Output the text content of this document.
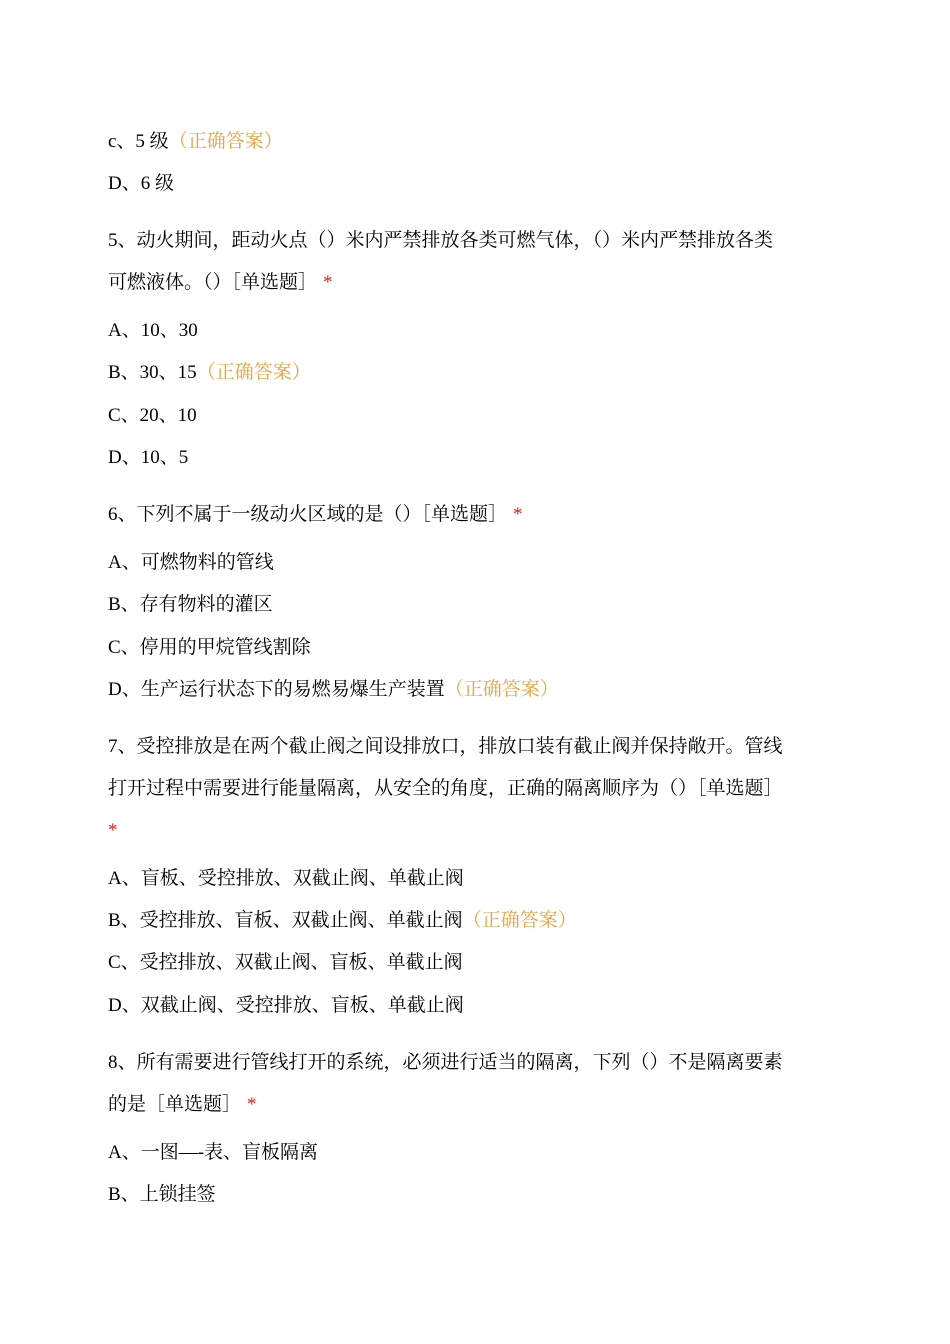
c、5 级（正确答案）
D、6 级
5、动火期间，距动火点（）米内严禁排放各类可燃气体，（）米内严禁排放各类
可燃液体。（）［单选题］ *
A、10、30
B、30、15（正确答案）
C、20、10
D、10、5
6、下列不属于一级动火区域的是（）［单选题］ *
A、可燃物料的管线
B、存有物料的灌区
C、停用的甲烷管线割除
D、生产运行状态下的易燃易爆生产装置（正确答案）
7、受控排放是在两个截止阀之间设排放口，排放口装有截止阀并保持敞开。管线
打开过程中需要进行能量隔离，从安全的角度，正确的隔离顺序为（）［单选题］
*
A、盲板、受控排放、双截止阀、单截止阀
B、受控排放、盲板、双截止阀、单截止阀（正确答案）
C、受控排放、双截止阀、盲板、单截止阀
D、双截止阀、受控排放、盲板、单截止阀
8、所有需要进行管线打开的系统，必须进行适当的隔离，下列（）不是隔离要素
的是［单选题］ *
A、一图—-表、盲板隔离
B、上锁挂签
